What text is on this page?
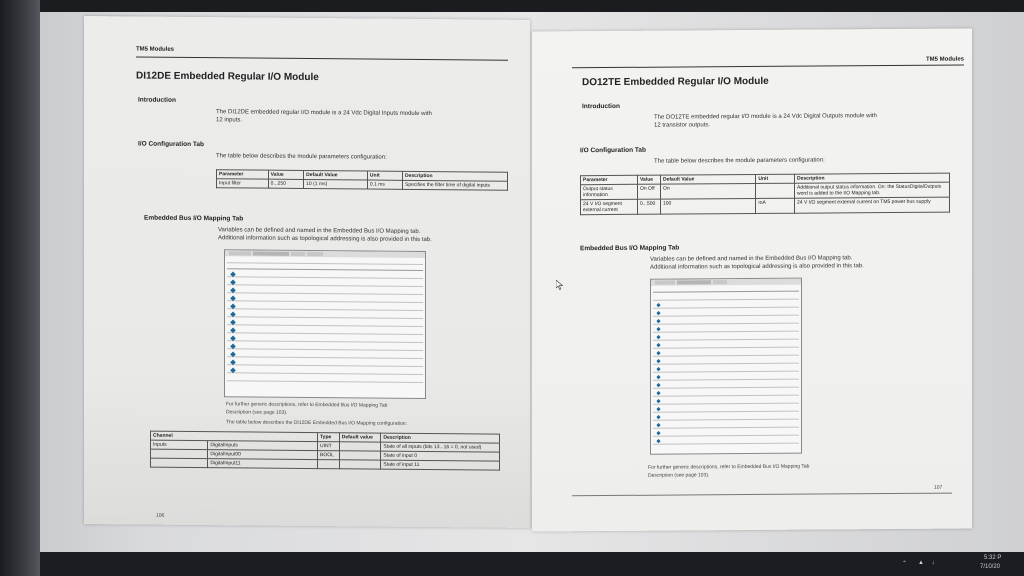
TM5 Modules
DI12DE Embedded Regular I/O Module
Introduction
The DI12DE embedded regular I/O module is a 24 Vdc Digital Inputs module with
12 inputs.
I/O Configuration Tab
The table below describes the module parameters configuration:
Parameter	Value	Default Value	Unit	Description
Input filter	0...250	10 (1 ms)	0.1 ms	Specifies the filter time of digital inputs
Embedded Bus I/O Mapping Tab
Variables can be defined and named in the Embedded Bus I/O Mapping tab.
Additional information such as topological addressing is also provided in this tab.
For further generic descriptions, refer to Embedded Bus I/O Mapping Tab
Description (see page 103).
The table below describes the DI12DE Embedded Bus I/O Mapping configuration:
Channel		Type	Default value	Description
Inputs	DigitalInputs	UINT		State of all inputs (bits 13...16 = 0, not used)
	DigitalInput00	BOOL		State of input 0
	DigitalInput11			State of input 11
106
TM5 Modules
DO12TE Embedded Regular I/O Module
Introduction
The DO12TE embedded regular I/O module is a 24 Vdc Digital Outputs module with
12 transistor outputs.
I/O Configuration Tab
The table below describes the module parameters configuration:
Parameter	Value	Default Value	Unit	Description
Output status information	On Off	On		Additional output status information. On: the StatusDigitalOutputs word is added to the I/O Mapping tab.
24 V I/O segment external current	0...500	100	mA	24 V I/O segment external current on TM5 power bus supply
Embedded Bus I/O Mapping Tab
Variables can be defined and named in the Embedded Bus I/O Mapping tab.
Additional information such as topological addressing is also provided in this tab.
For further generic descriptions, refer to Embedded Bus I/O Mapping Tab
Description (see page 103).
107
⌃ ▲ ♩
5:32 P
7/10/20
